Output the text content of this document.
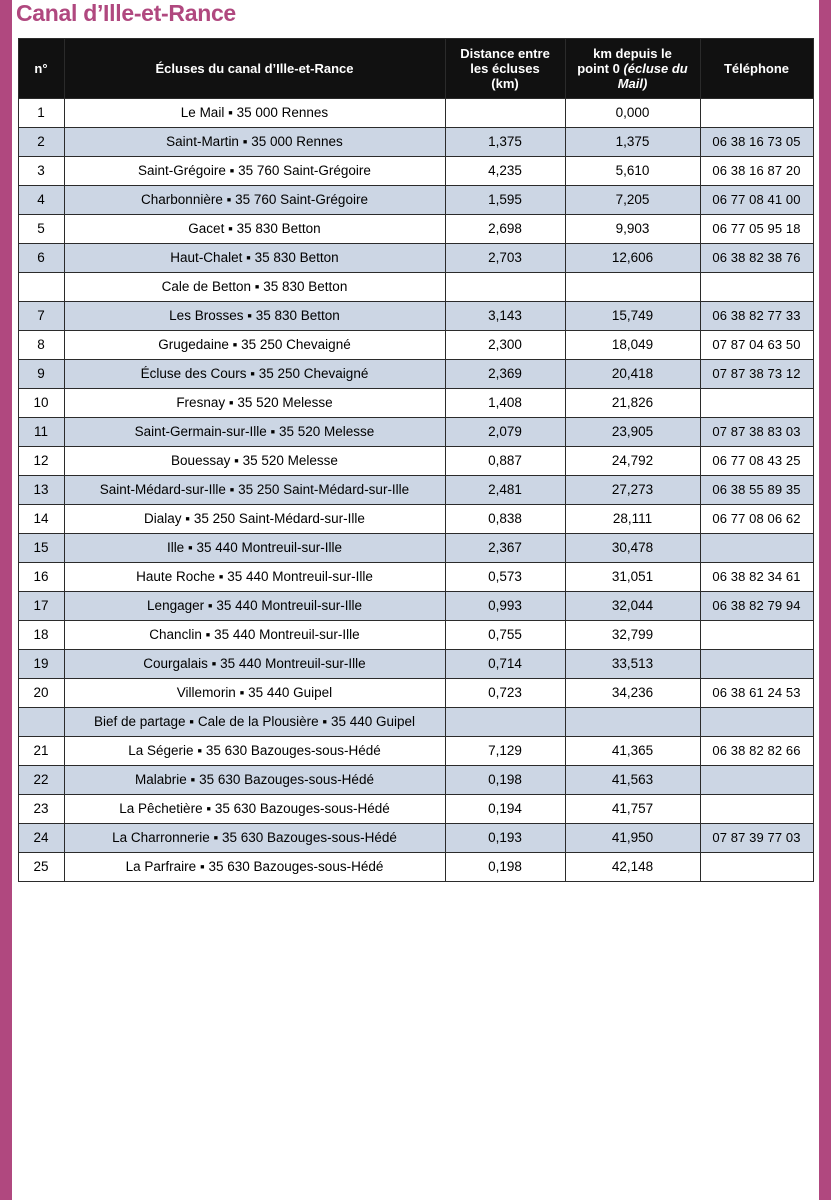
Canal d’Ille-et-Rance
n°	Écluses du canal d’Ille-et-Rance	Distance entre
les écluses
(km)	km depuis le
point 0 (écluse du
Mail)	Téléphone
1	Le Mail ▪ 35 000 Rennes		0,000	
2	Saint-Martin ▪ 35 000 Rennes	1,375	1,375	06 38 16 73 05
3	Saint-Grégoire ▪ 35 760 Saint-Grégoire	4,235	5,610	06 38 16 87 20
4	Charbonnière ▪ 35 760 Saint-Grégoire	1,595	7,205	06 77 08 41 00
5	Gacet ▪ 35 830 Betton	2,698	9,903	06 77 05 95 18
6	Haut-Chalet ▪ 35 830 Betton	2,703	12,606	06 38 82 38 76
	Cale de Betton ▪ 35 830 Betton			
7	Les Brosses ▪ 35 830 Betton	3,143	15,749	06 38 82 77 33
8	Grugedaine ▪ 35 250 Chevaigné	2,300	18,049	07 87 04 63 50
9	Écluse des Cours ▪ 35 250 Chevaigné	2,369	20,418	07 87 38 73 12
10	Fresnay ▪ 35 520 Melesse	1,408	21,826	
11	Saint-Germain-sur-Ille ▪ 35 520 Melesse	2,079	23,905	07 87 38 83 03
12	Bouessay ▪ 35 520 Melesse	0,887	24,792	06 77 08 43 25
13	Saint-Médard-sur-Ille ▪ 35 250 Saint-Médard-sur-Ille	2,481	27,273	06 38 55 89 35
14	Dialay ▪ 35 250 Saint-Médard-sur-Ille	0,838	28,111	06 77 08 06 62
15	Ille ▪ 35 440 Montreuil-sur-Ille	2,367	30,478	
16	Haute Roche ▪ 35 440 Montreuil-sur-Ille	0,573	31,051	06 38 82 34 61
17	Lengager ▪ 35 440 Montreuil-sur-Ille	0,993	32,044	06 38 82 79 94
18	Chanclin ▪ 35 440 Montreuil-sur-Ille	0,755	32,799	
19	Courgalais ▪ 35 440 Montreuil-sur-Ille	0,714	33,513	
20	Villemorin ▪ 35 440 Guipel	0,723	34,236	06 38 61 24 53
	Bief de partage ▪ Cale de la Plousière ▪ 35 440 Guipel			
21	La Ségerie ▪ 35 630 Bazouges-sous-Hédé	7,129	41,365	06 38 82 82 66
22	Malabrie ▪ 35 630 Bazouges-sous-Hédé	0,198	41,563	
23	La Pêchetière ▪ 35 630 Bazouges-sous-Hédé	0,194	41,757	
24	La Charronnerie ▪ 35 630 Bazouges-sous-Hédé	0,193	41,950	07 87 39 77 03
25	La Parfraire ▪ 35 630 Bazouges-sous-Hédé	0,198	42,148	
